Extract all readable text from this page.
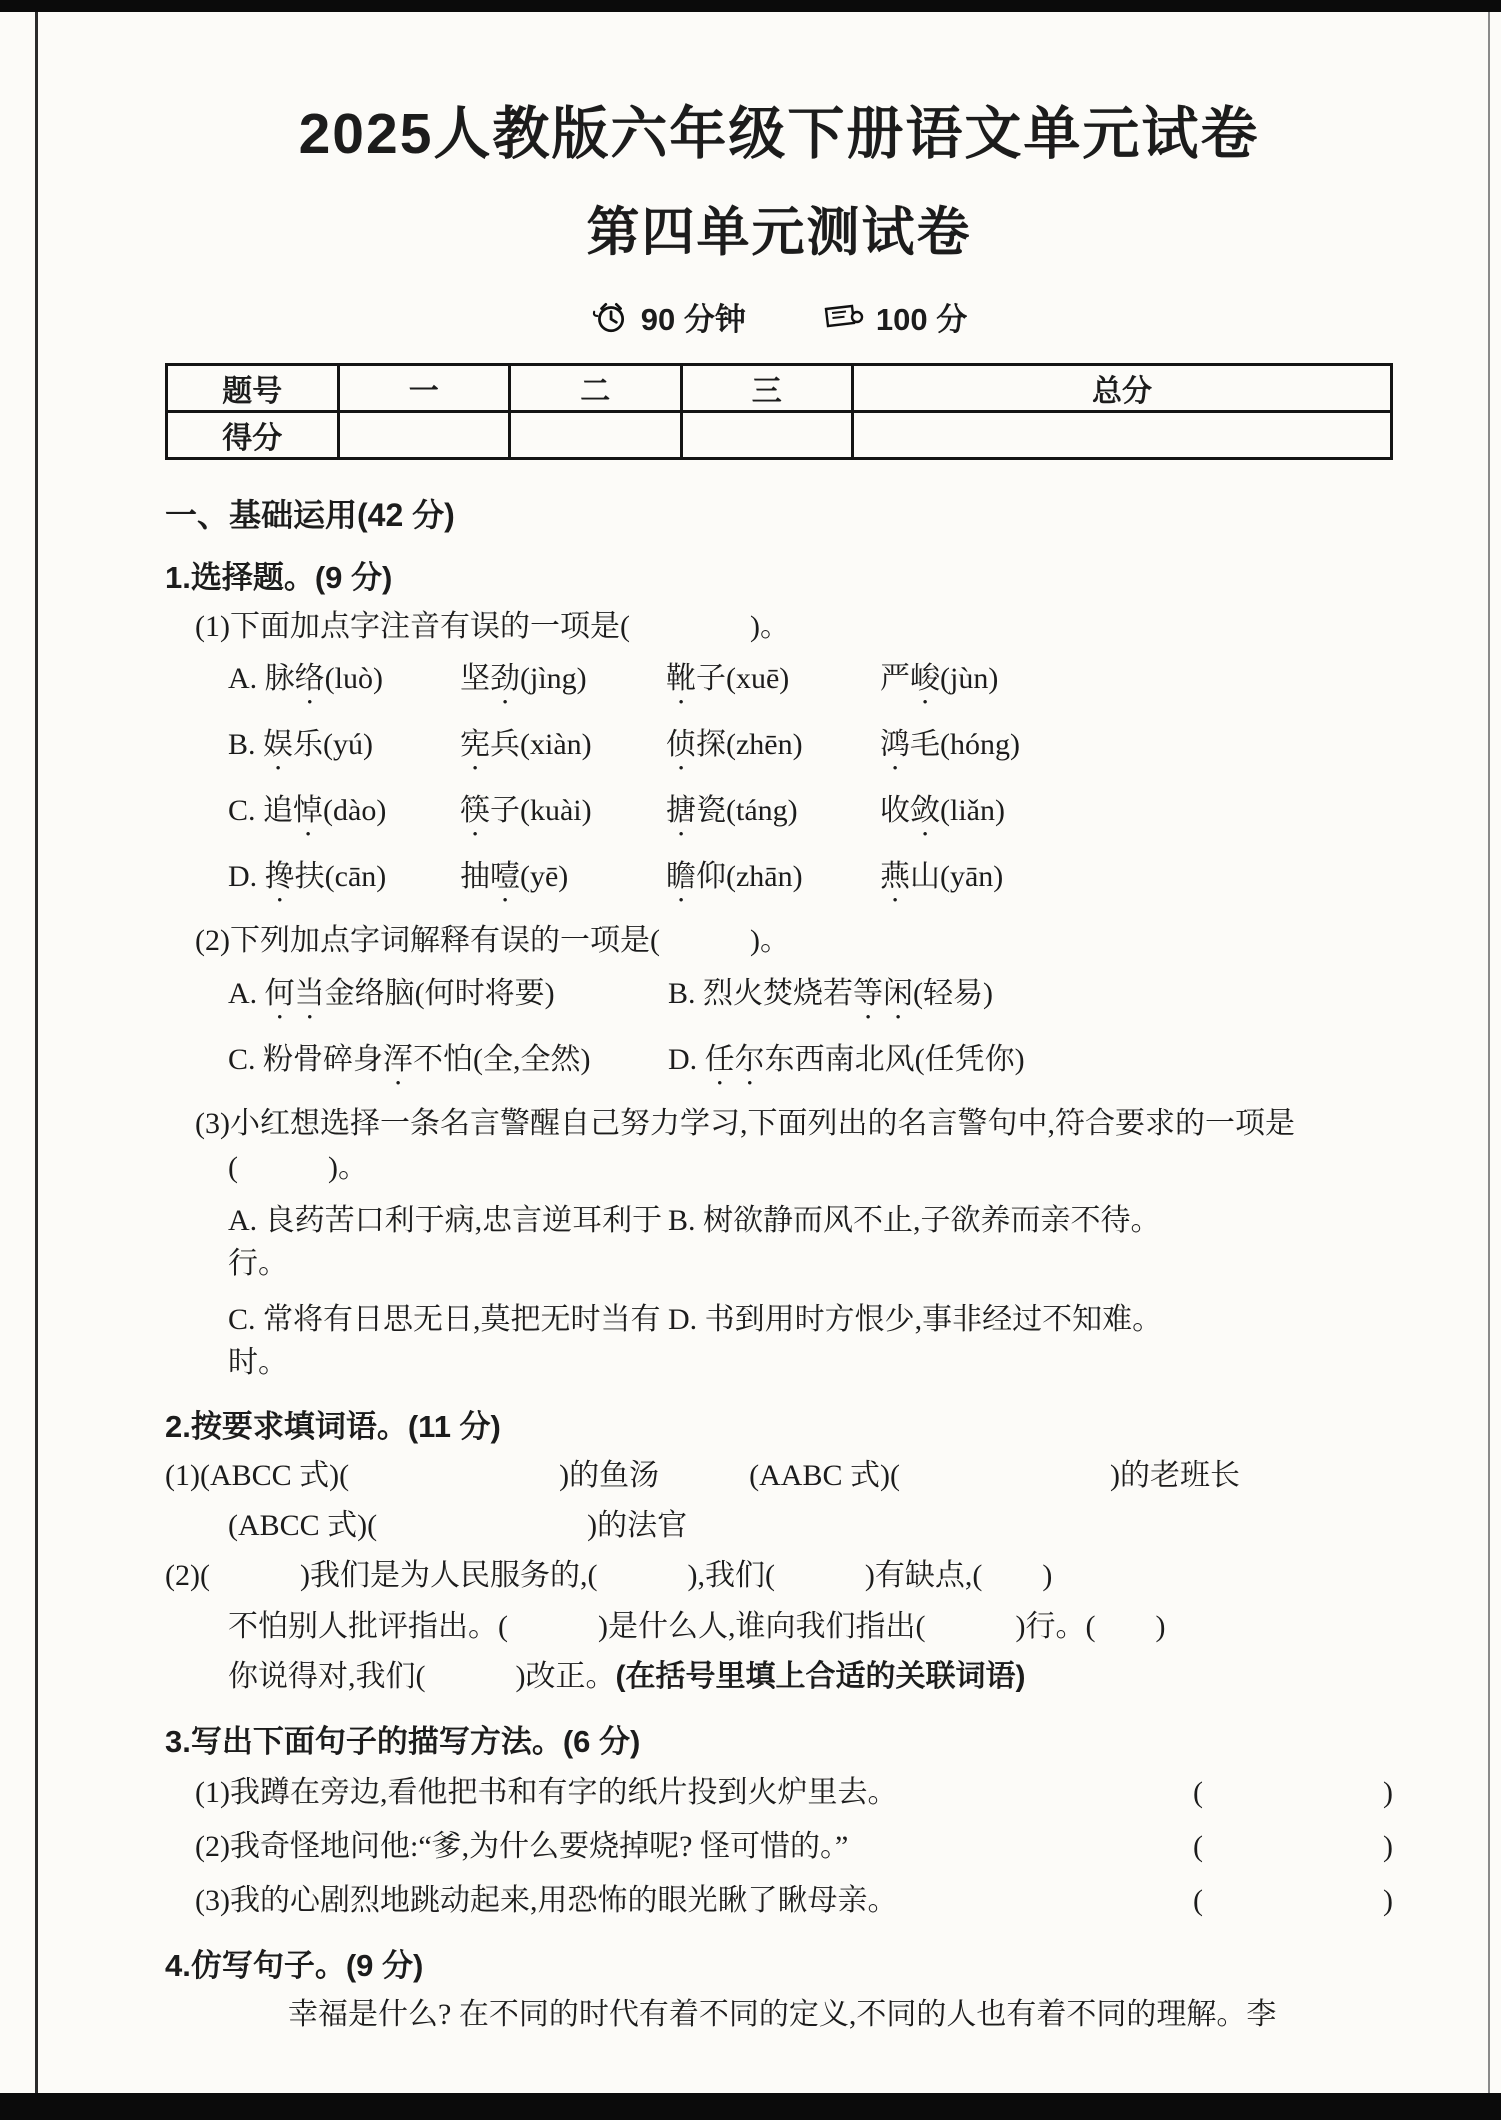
2025人教版六年级下册语文单元试卷
第四单元测试卷
90 分钟	100 分
题号	一	二	三	总分
得分				
一、基础运用(42 分)
1.选择题。(9 分)
(1)下面加点字注音有误的一项是(　　　　)。
A. 脉络(luò)	坚劲(jìng)	靴子(xuē)	严峻(jùn)
B. 娱乐(yú)	宪兵(xiàn)	侦探(zhēn)	鸿毛(hóng)
C. 追悼(dào)	筷子(kuài)	搪瓷(táng)	收敛(liǎn)
D. 搀扶(cān)	抽噎(yē)	瞻仰(zhān)	燕山(yān)
(2)下列加点字词解释有误的一项是(　　　)。
A. 何当金络脑(何时将要)	B. 烈火焚烧若等闲(轻易)
C. 粉骨碎身浑不怕(全,全然)	D. 任尔东西南北风(任凭你)
(3)小红想选择一条名言警醒自己努力学习,下面列出的名言警句中,符合要求的一项是(　　　)。
A. 良药苦口利于病,忠言逆耳利于行。
B. 树欲静而风不止,子欲养而亲不待。
C. 常将有日思无日,莫把无时当有时。
D. 书到用时方恨少,事非经过不知难。
2.按要求填词语。(11 分)
(1)(ABCC 式)(　　　　　　　)的鱼汤　　　(AABC 式)(　　　　　　　)的老班长
(ABCC 式)(　　　　　　　)的法官
(2)(　　　)我们是为人民服务的,(　　　),我们(　　　)有缺点,(　　)
不怕别人批评指出。(　　　)是什么人,谁向我们指出(　　　)行。(　　)
你说得对,我们(　　　)改正。(在括号里填上合适的关联词语)
3.写出下面句子的描写方法。(6 分)
(1)我蹲在旁边,看他把书和有字的纸片投到火炉里去。	(　　　　　　)
(2)我奇怪地问他:“爹,为什么要烧掉呢? 怪可惜的。”	(　　　　　　)
(3)我的心剧烈地跳动起来,用恐怖的眼光瞅了瞅母亲。	(　　　　　　)
4.仿写句子。(9 分)
幸福是什么? 在不同的时代有着不同的定义,不同的人也有着不同的理解。李
